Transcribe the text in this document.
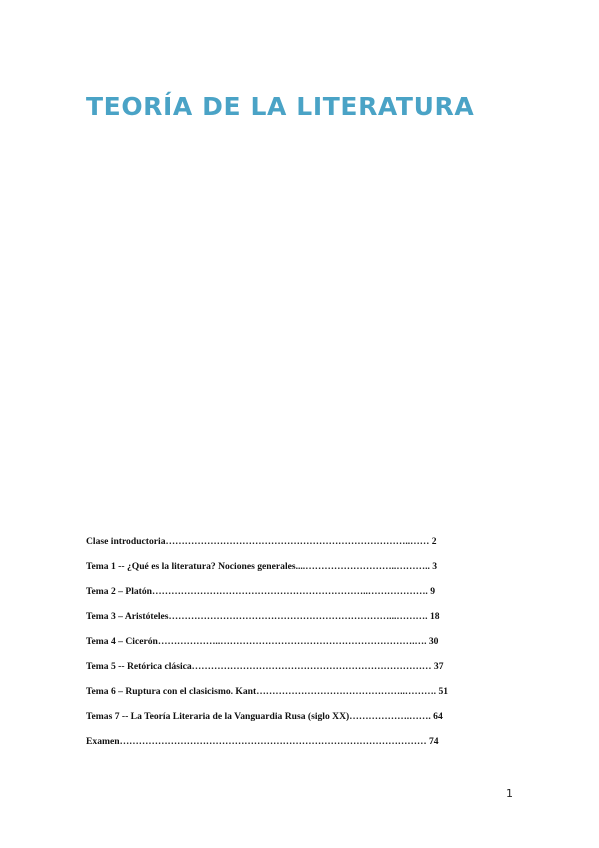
TEORÍA DE LA LITERATURA
Clase introductoria…………………………………………………………………..…… 2
Tema 1 -- ¿Qué es la literatura? Nociones generales....………………………..……….. 3
Tema 2 – Platón…………………………………………………………..………………. 9
Tema 3 – Aristóteles……………………………………………………………...………. 18
Tema 4 – Cicerón………………..…………………………………………………….…. 30
Tema 5 -- Retórica clásica………………………………………………………………… 37
Tema 6 – Ruptura con el clasicismo. Kant………………………………………..………. 51
Temas 7 -- La Teoría Literaria de la Vanguardia Rusa (siglo XX)……………….……. 64
Examen…………………………………………………………………………………… 74
1
